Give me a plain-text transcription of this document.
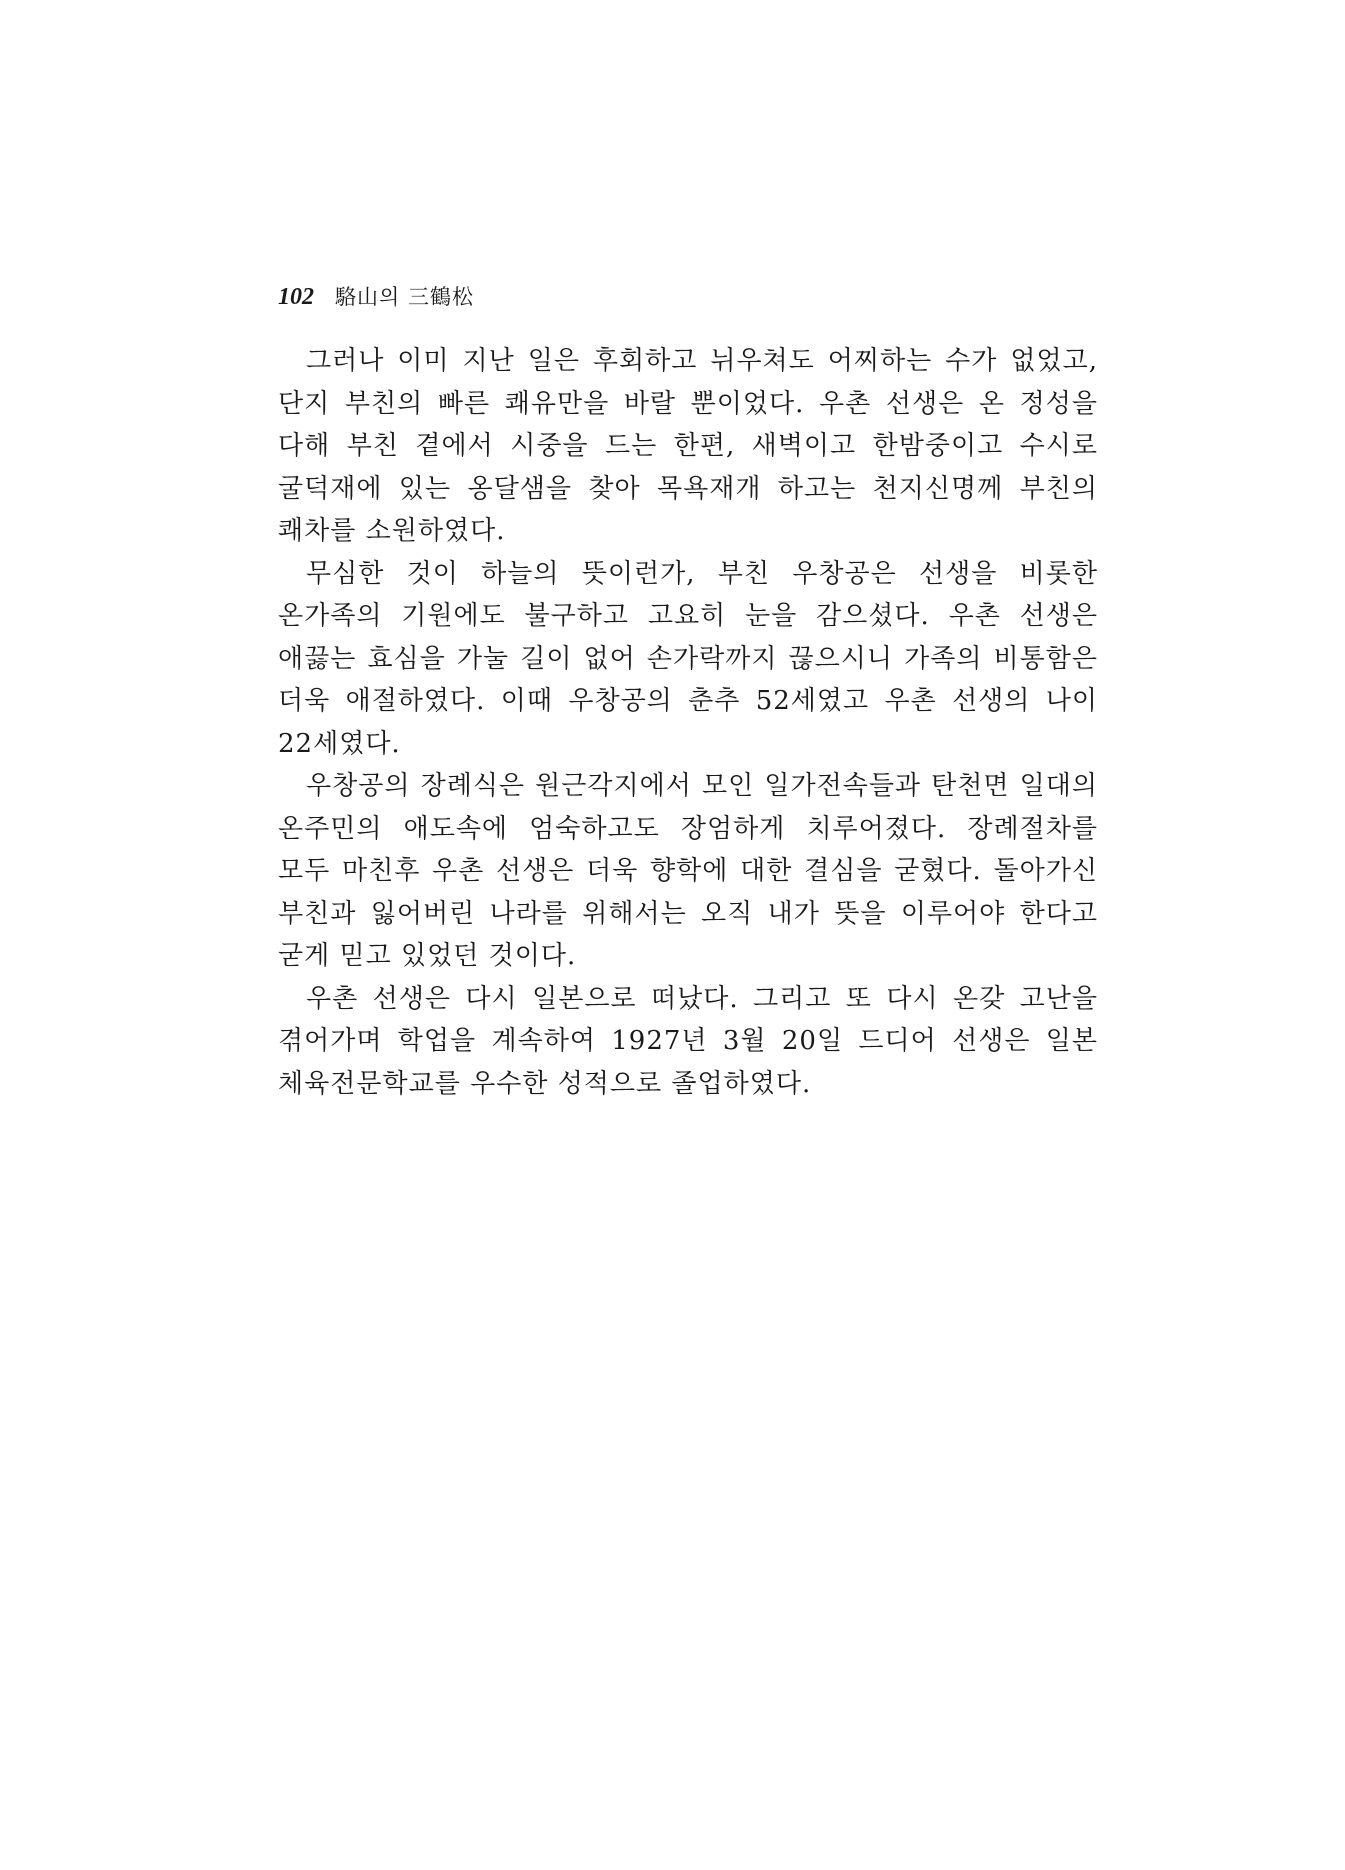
102 駱山의 三鶴松

그러나 이미 지난 일은 후회하고 뉘우쳐도 어찌하는 수가 없었고, 단지 부친의 빠른 쾌유만을 바랄 뿐이었다. 우촌 선생은 온 정성을 다해 부친 곁에서 시중을 드는 한편, 새벽이고 한밤중이고 수시로 굴덕재에 있는 옹달샘을 찾아 목욕재개 하고는 천지신명께 부친의 쾌차를 소원하였다.

무심한 것이 하늘의 뜻이런가, 부친 우창공은 선생을 비롯한 온가족의 기원에도 불구하고 고요히 눈을 감으셨다. 우촌 선생은 애끓는 효심을 가눌 길이 없어 손가락까지 끊으시니 가족의 비통함은 더욱 애절하였다. 이때 우창공의 춘추 52세였고 우촌 선생의 나이 22세였다.

우창공의 장례식은 원근각지에서 모인 일가전속들과 탄천면 일대의 온주민의 애도속에 엄숙하고도 장엄하게 치루어졌다. 장례절차를 모두 마친후 우촌 선생은 더욱 향학에 대한 결심을 굳혔다. 돌아가신 부친과 잃어버린 나라를 위해서는 오직 내가 뜻을 이루어야 한다고 굳게 믿고 있었던 것이다.

우촌 선생은 다시 일본으로 떠났다. 그리고 또 다시 온갖 고난을 겪어가며 학업을 계속하여 1927년 3월 20일 드디어 선생은 일본 체육전문학교를 우수한 성적으로 졸업하였다.
